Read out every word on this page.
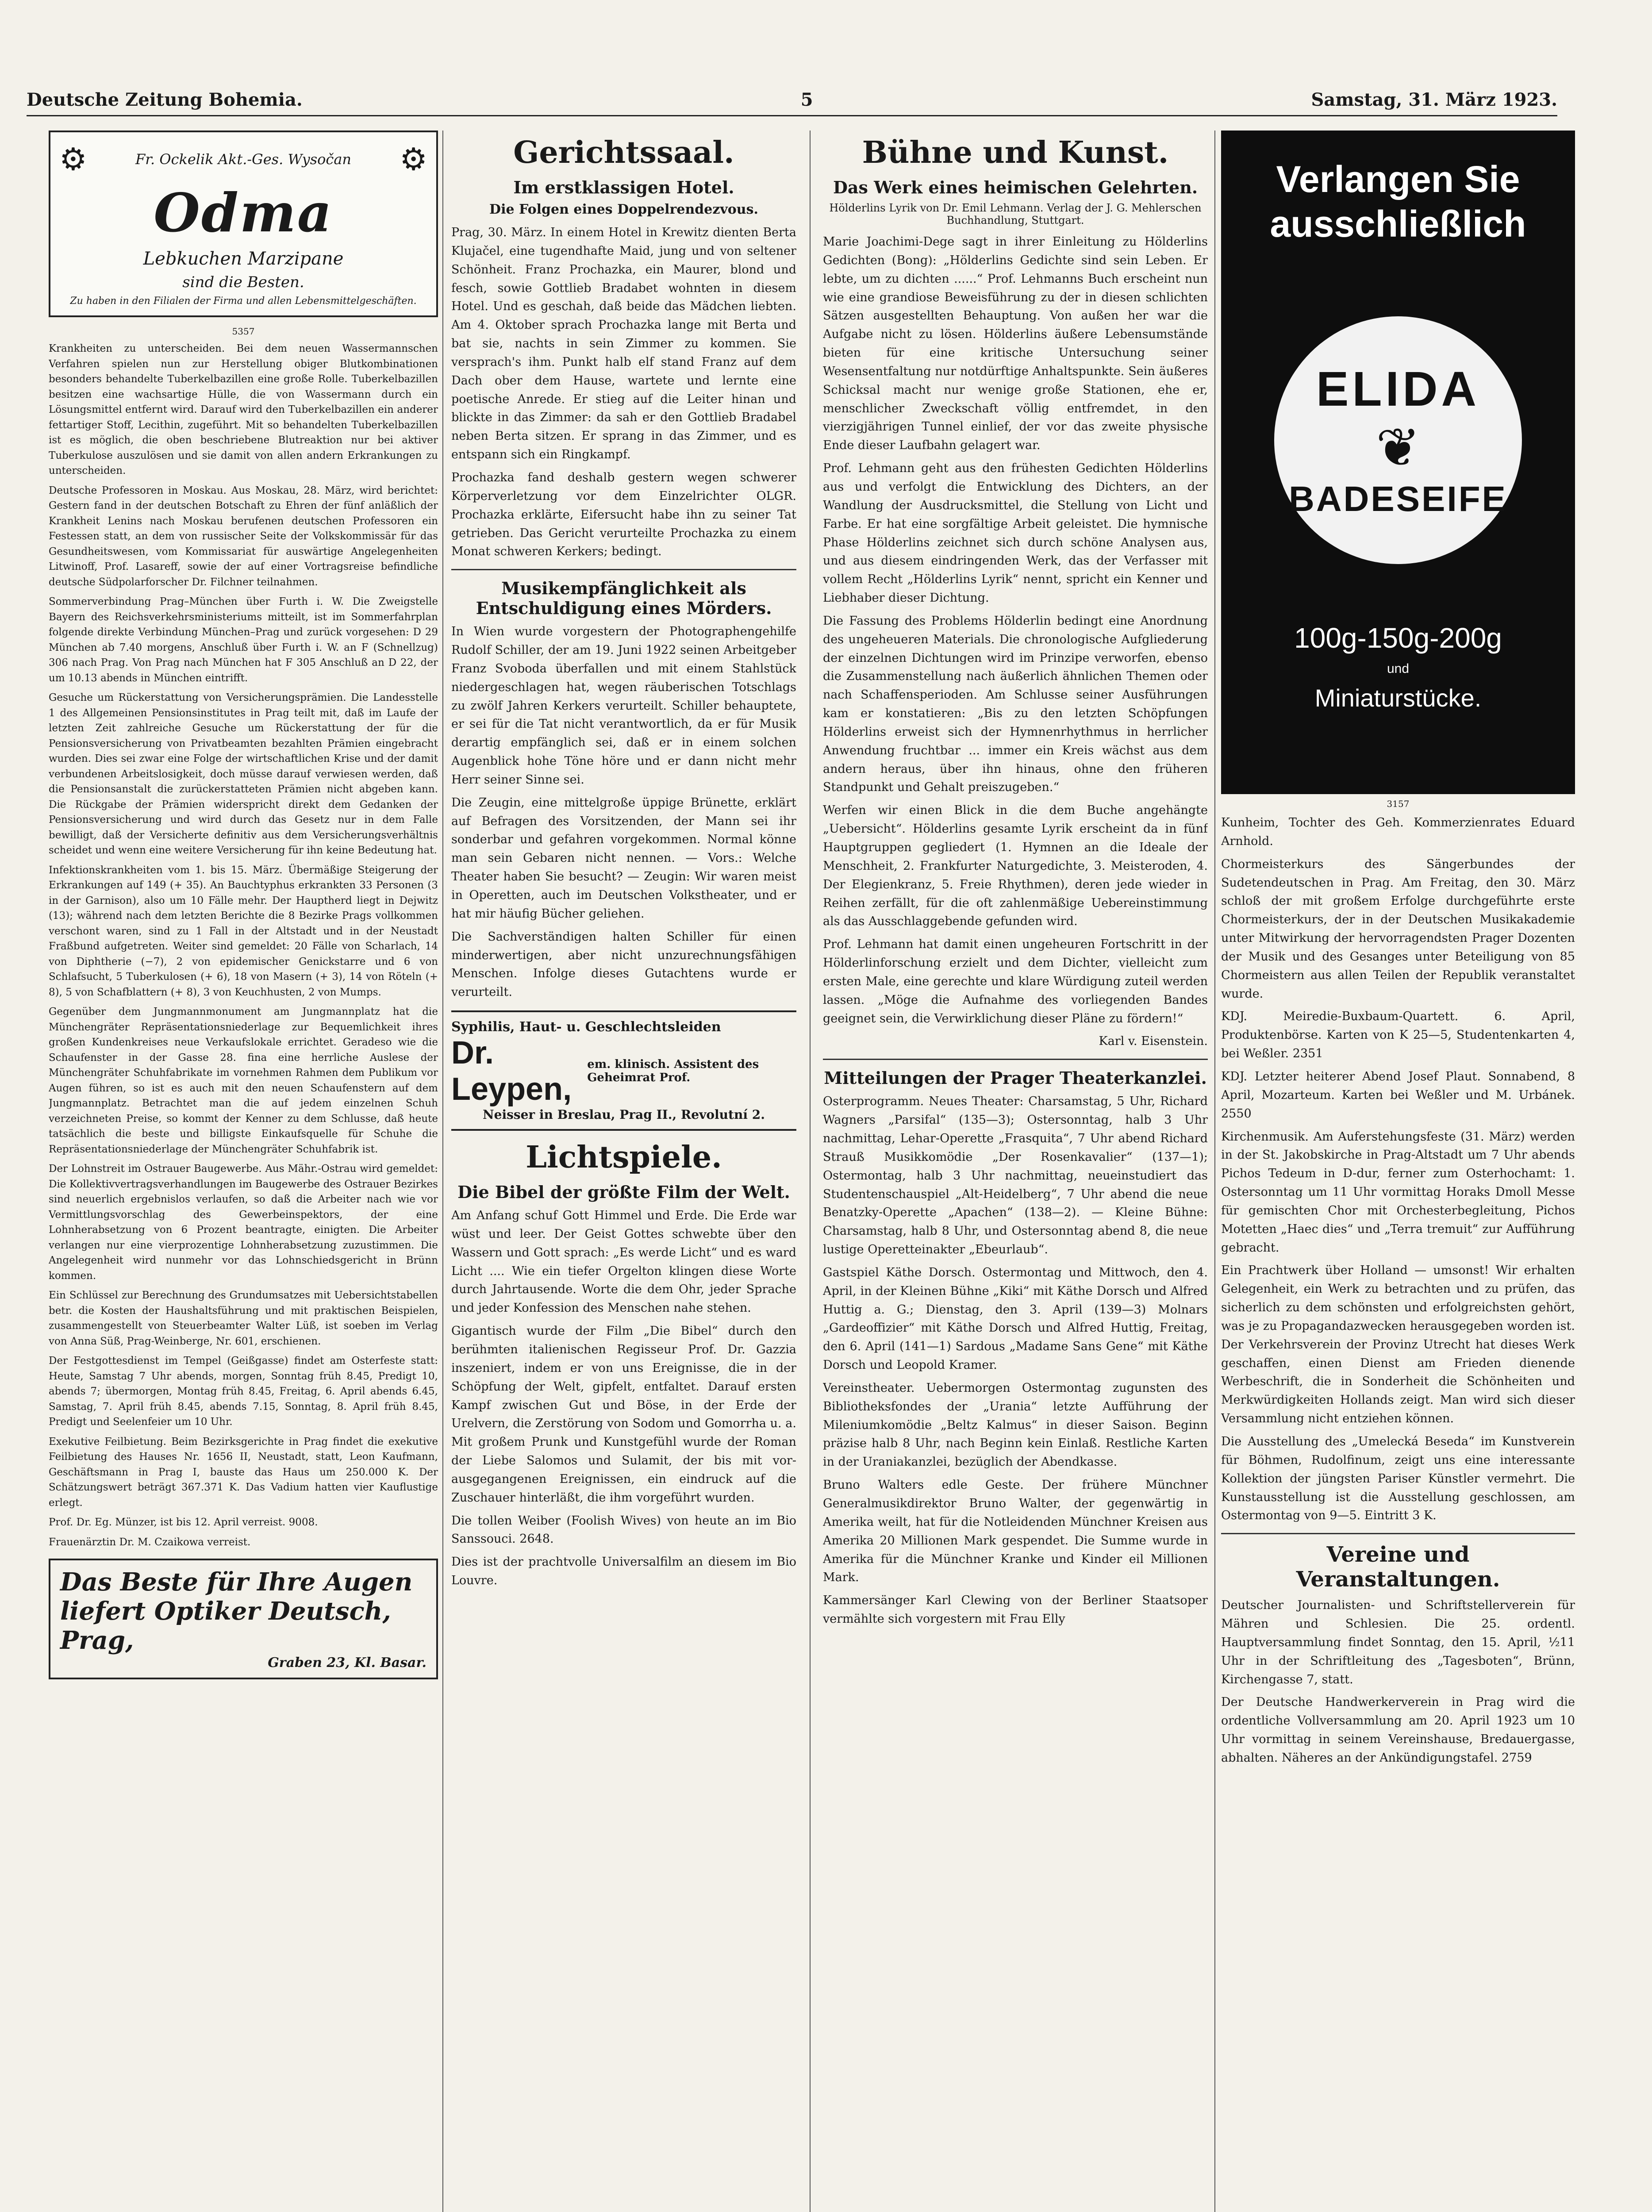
Deutsche Zeitung Bohemia.	5	Samstag, 31. März 1923.
⚙	Fr. Ockelik Akt.-Ges. Wysočan ⚙
Odma
Lebkuchen Marzipane
sind die Besten.
Zu haben in den Filialen der Firma und allen Lebensmittelgeschäften.
5357

Krankheiten zu unterscheiden. Bei dem neuen Wassermannschen Verfahren spielen nun zur Herstellung obiger Blutkombinationen besonders behandelte Tuberkelbazillen eine große Rolle. Tuberkelbazillen besitzen eine wachsartige Hülle, die von Wassermann durch ein Lösungsmittel entfernt wird. Darauf wird den Tuberkelbazillen ein anderer fettartiger Stoff, Lecithin, zugeführt. Mit so behandelten Tuberkelbazillen ist es möglich, die oben beschriebene Blutreaktion nur bei aktiver Tuberkulose auszulösen und sie damit von allen andern Erkrankungen zu unterscheiden.

Deutsche Professoren in Moskau. Aus Moskau, 28. März, wird berichtet: Gestern fand in der deutschen Botschaft zu Ehren der fünf anläßlich der Krankheit Lenins nach Moskau berufenen deutschen Professoren ein Festessen statt, an dem von russischer Seite der Volkskommissär für das Gesundheitswesen, vom Kommissariat für auswärtige Angelegenheiten Litwinoff, Prof. Lasareff, sowie der auf einer Vortragsreise befindliche deutsche Südpolarforscher Dr. Filchner teilnahmen.

Sommerverbindung Prag–München über Furth i. W. Die Zweigstelle Bayern des Reichsverkehrsministeriums mitteilt, ist im Sommerfahrplan folgende direkte Verbindung München–Prag und zurück vorgesehen: D 29 München ab 7.40 morgens, Anschluß über Furth i. W. an F (Schnellzug) 306 nach Prag. Von Prag nach München hat F 305 Anschluß an D 22, der um 10.13 abends in München eintrifft.

Gesuche um Rückerstattung von Versicherungsprämien. Die Landesstelle 1 des Allgemeinen Pensionsinstitutes in Prag teilt mit, daß im Laufe der letzten Zeit zahlreiche Gesuche um Rückerstattung der für die Pensionsversicherung von Privatbeamten bezahlten Prämien eingebracht wurden. Dies sei zwar eine Folge der wirtschaftlichen Krise und der damit verbundenen Arbeitslosigkeit, doch müsse darauf verwiesen werden, daß die Pensionsanstalt die zurückerstatteten Prämien nicht abgeben kann. Die Rückgabe der Prämien widerspricht direkt dem Gedanken der Pensionsversicherung und wird durch das Gesetz nur in dem Falle bewilligt, daß der Versicherte definitiv aus dem Versicherungsverhältnis scheidet und wenn eine weitere Versicherung für ihn keine Bedeutung hat.

Infektionskrankheiten vom 1. bis 15. März. Übermäßige Steigerung der Erkrankungen auf 149 (+ 35). An Bauchtyphus erkrankten 33 Personen (3 in der Garnison), also um 10 Fälle mehr. Der Hauptherd liegt in Dejwitz (13); während nach dem letzten Berichte die 8 Bezirke Prags vollkommen verschont waren, sind zu 1 Fall in der Altstadt und in der Neustadt Fraßbund aufgetreten. Weiter sind gemeldet: 20 Fälle von Scharlach, 14 von Diphtherie (−7), 2 von epidemischer Genickstarre und 6 von Schlafsucht, 5 Tuberkulosen (+ 6), 18 von Masern (+ 3), 14 von Röteln (+ 8), 5 von Schafblattern (+ 8), 3 von Keuchhusten, 2 von Mumps.

Gegenüber dem Jungmannmonument am Jungmannplatz hat die Münchengräter Repräsentationsniederlage zur Bequemlichkeit ihres großen Kundenkreises neue Verkaufslokale errichtet. Geradeso wie die Schaufenster in der Gasse 28. fina eine herrliche Auslese der Münchengräter Schuhfabrikate im vornehmen Rahmen dem Publikum vor Augen führen, so ist es auch mit den neuen Schaufenstern auf dem Jungmannplatz. Betrachtet man die auf jedem einzelnen Schuh verzeichneten Preise, so kommt der Kenner zu dem Schlusse, daß heute tatsächlich die beste und billigste Einkaufsquelle für Schuhe die Repräsentationsniederlage der Münchengräter Schuhfabrik ist.

Der Lohnstreit im Ostrauer Baugewerbe. Aus Mähr.-Ostrau wird gemeldet: Die Kollektivvertragsverhandlungen im Baugewerbe des Ostrauer Bezirkes sind neuerlich ergebnislos verlaufen, so daß die Arbeiter nach wie vor Vermittlungsvorschlag des Gewerbeinspektors, der eine Lohnherabsetzung von 6 Prozent beantragte, einigten. Die Arbeiter verlangen nur eine vierprozentige Lohnherabsetzung zuzustimmen. Die Angelegenheit wird nunmehr vor das Lohnschiedsgericht in Brünn kommen.

Ein Schlüssel zur Berechnung des Grundumsatzes mit Uebersichtstabellen betr. die Kosten der Haushaltsführung und mit praktischen Beispielen, zusammengestellt von Steuerbeamter Walter Lüß, ist soeben im Verlag von Anna Süß, Prag-Weinberge, Nr. 601, erschienen.

Der Festgottesdienst im Tempel (Geißgasse) findet am Osterfeste statt: Heute, Samstag 7 Uhr abends, morgen, Sonntag früh 8.45, Predigt 10, abends 7; übermorgen, Montag früh 8.45, Freitag, 6. April abends 6.45, Samstag, 7. April früh 8.45, abends 7.15, Sonntag, 8. April früh 8.45, Predigt und Seelenfeier um 10 Uhr.

Exekutive Feilbietung. Beim Bezirksgerichte in Prag findet die exekutive Feilbietung des Hauses Nr. 1656 II, Neustadt, statt, Leon Kaufmann, Geschäftsmann in Prag I, bauste das Haus um 250.000 K. Der Schätzungswert beträgt 367.371 K. Das Vadium hatten vier Kauflustige erlegt.

Prof. Dr. Eg. Münzer, ist bis 12. April verreist. 9008.

Frauenärztin Dr. M. Czaikowa verreist.

Das Beste für Ihre Augen
liefert Optiker Deutsch, Prag,
Graben 23, Kl. Basar.
Gerichtssaal.
Im erstklassigen Hotel.
Die Folgen eines Doppelrendezvous.

Prag, 30. März. In einem Hotel in Krewitz dienten Berta Klujačel, eine tugendhafte Maid, jung und von seltener Schönheit. Franz Prochazka, ein Maurer, blond und fesch, sowie Gottlieb Bradabet wohnten in diesem Hotel. Und es geschah, daß beide das Mädchen liebten. Am 4. Oktober sprach Prochazka lange mit Berta und bat sie, nachts in sein Zimmer zu kommen. Sie versprach's ihm. Punkt halb elf stand Franz auf dem Dach ober dem Hause, wartete und lernte eine poetische Anrede. Er stieg auf die Leiter hinan und blickte in das Zimmer: da sah er den Gottlieb Bradabel neben Berta sitzen. Er sprang in das Zimmer, und es entspann sich ein Ringkampf.

Prochazka fand deshalb gestern wegen schwerer Körperverletzung vor dem Einzelrichter OLGR. Prochazka erklärte, Eifersucht habe ihn zu seiner Tat getrieben. Das Gericht verurteilte Prochazka zu einem Monat schweren Kerkers; bedingt.

Musikempfänglichkeit als Entschuldigung eines Mörders.

In Wien wurde vorgestern der Photographengehilfe Rudolf Schiller, der am 19. Juni 1922 seinen Arbeitgeber Franz Svoboda überfallen und mit einem Stahlstück niedergeschlagen hat, wegen räuberischen Totschlags zu zwölf Jahren Kerkers verurteilt. Schiller behauptete, er sei für die Tat nicht verantwortlich, da er für Musik derartig empfänglich sei, daß er in einem solchen Augenblick hohe Töne höre und er dann nicht mehr Herr seiner Sinne sei.

Die Zeugin, eine mittelgroße üppige Brünette, erklärt auf Befragen des Vorsitzenden, der Mann sei ihr sonderbar und gefahren vorgekommen. Normal könne man sein Gebaren nicht nennen. — Vors.: Welche Theater haben Sie besucht? — Zeugin: Wir waren meist in Operetten, auch im Deutschen Volkstheater, und er hat mir häufig Bücher geliehen.

Die Sachverständigen halten Schiller für einen minderwertigen, aber nicht unzurechnungsfähigen Menschen. Infolge dieses Gutachtens wurde er verurteilt.

Syphilis, Haut- u. Geschlechtsleiden
Dr. Leypen,
em. klinisch. Assistent des Geheimrat Prof.
Neisser in Breslau, Prag II., Revolutní 2.
Lichtspiele.
Die Bibel der größte Film der Welt.

Am Anfang schuf Gott Himmel und Erde. Die Erde war wüst und leer. Der Geist Gottes schwebte über den Wassern und Gott sprach: „Es werde Licht“ und es ward Licht .... Wie ein tiefer Orgelton klingen diese Worte durch Jahrtausende. Worte die dem Ohr, jeder Sprache und jeder Konfession des Menschen nahe stehen.

Gigantisch wurde der Film „Die Bibel“ durch den berühmten italienischen Regisseur Prof. Dr. Gazzia inszeniert, indem er von uns Ereignisse, die in der Schöpfung der Welt, gipfelt, entfaltet. Darauf ersten Kampf zwischen Gut und Böse, in der Erde der Urelvern, die Zerstörung von Sodom und Gomorrha u. a. Mit großem Prunk und Kunstgefühl wurde der Roman der Liebe Salomos und Sulamit, der bis mit vor-ausgegangenen Ereignissen, ein eindruck auf die Zuschauer hinterläßt, die ihm vorgeführt wurden.

Die tollen Weiber (Foolish Wives) von heute an im Bio Sanssouci. 2648.

Dies ist der prachtvolle Universalfilm an diesem im Bio Louvre.

Bühne und Kunst.
Das Werk eines heimischen Gelehrten.
Hölderlins Lyrik von Dr. Emil Lehmann. Verlag der J. G. Mehlerschen Buchhandlung, Stuttgart.

Marie Joachimi-Dege sagt in ihrer Einleitung zu Hölderlins Gedichten (Bong): „Hölderlins Gedichte sind sein Leben. Er lebte, um zu dichten ......“ Prof. Lehmanns Buch erscheint nun wie eine grandiose Beweisführung zu der in diesen schlichten Sätzen ausgestellten Behauptung. Von außen her war die Aufgabe nicht zu lösen. Hölderlins äußere Lebensumstände bieten für eine kritische Untersuchung seiner Wesensentfaltung nur notdürftige Anhaltspunkte. Sein äußeres Schicksal macht nur wenige große Stationen, ehe er, menschlicher Zweckschaft völlig entfremdet, in den vierzigjährigen Tunnel einlief, der vor das zweite physische Ende dieser Laufbahn gelagert war.

Prof. Lehmann geht aus den frühesten Gedichten Hölderlins aus und verfolgt die Entwicklung des Dichters, an der Wandlung der Ausdrucksmittel, die Stellung von Licht und Farbe. Er hat eine sorgfältige Arbeit geleistet. Die hymnische Phase Hölderlins zeichnet sich durch schöne Analysen aus, und aus diesem eindringenden Werk, das der Verfasser mit vollem Recht „Hölderlins Lyrik“ nennt, spricht ein Kenner und Liebhaber dieser Dichtung.

Die Fassung des Problems Hölderlin bedingt eine Anordnung des ungeheueren Materials. Die chronologische Aufgliederung der einzelnen Dichtungen wird im Prinzipe verworfen, ebenso die Zusammenstellung nach äußerlich ähnlichen Themen oder nach Schaffensperioden. Am Schlusse seiner Ausführungen kam er konstatieren: „Bis zu den letzten Schöpfungen Hölderlins erweist sich der Hymnenrhythmus in herrlicher Anwendung fruchtbar ... immer ein Kreis wächst aus dem andern heraus, über ihn hinaus, ohne den früheren Standpunkt und Gehalt preiszugeben.“

Werfen wir einen Blick in die dem Buche angehängte „Uebersicht“. Hölderlins gesamte Lyrik erscheint da in fünf Hauptgruppen gegliedert (1. Hymnen an die Ideale der Menschheit, 2. Frankfurter Naturgedichte, 3. Meisteroden, 4. Der Elegienkranz, 5. Freie Rhythmen), deren jede wieder in Reihen zerfällt, für die oft zahlenmäßige Uebereinstimmung als das Ausschlaggebende gefunden wird.

Prof. Lehmann hat damit einen ungeheuren Fortschritt in der Hölderlinforschung erzielt und dem Dichter, vielleicht zum ersten Male, eine gerechte und klare Würdigung zuteil werden lassen. „Möge die Aufnahme des vorliegenden Bandes geeignet sein, die Verwirklichung dieser Pläne zu fördern!“

Karl v. Eisenstein.

Mitteilungen der Prager Theaterkanzlei.

Osterprogramm. Neues Theater: Charsamstag, 5 Uhr, Richard Wagners „Parsifal“ (135—3); Ostersonntag, halb 3 Uhr nachmittag, Lehar-Operette „Frasquita“, 7 Uhr abend Richard Strauß Musikkomödie „Der Rosenkavalier“ (137—1); Ostermontag, halb 3 Uhr nachmittag, neueinstudiert das Studentenschauspiel „Alt-Heidelberg“, 7 Uhr abend die neue Benatzky-Operette „Apachen“ (138—2). — Kleine Bühne: Charsamstag, halb 8 Uhr, und Ostersonntag abend 8, die neue lustige Operetteinakter „Ebeurlaub“.

Gastspiel Käthe Dorsch. Ostermontag und Mittwoch, den 4. April, in der Kleinen Bühne „Kiki“ mit Käthe Dorsch und Alfred Huttig a. G.; Dienstag, den 3. April (139—3) Molnars „Gardeoffizier“ mit Käthe Dorsch und Alfred Huttig, Freitag, den 6. April (141—1) Sardous „Madame Sans Gene“ mit Käthe Dorsch und Leopold Kramer.

Vereinstheater. Uebermorgen Ostermontag zugunsten des Bibliotheksfondes der „Urania“ letzte Aufführung der Mileniumkomödie „Beltz Kalmus“ in dieser Saison. Beginn präzise halb 8 Uhr, nach Beginn kein Einlaß. Restliche Karten in der Uraniakanzlei, bezüglich der Abendkasse.

Bruno Walters edle Geste. Der frühere Münchner Generalmusikdirektor Bruno Walter, der gegenwärtig in Amerika weilt, hat für die Notleidenden Münchner Kreisen aus Amerika 20 Millionen Mark gespendet. Die Summe wurde in Amerika für die Münchner Kranke und Kinder eil Millionen Mark.

Kammersänger Karl Clewing von der Berliner Staatsoper vermählte sich vorgestern mit Frau Elly

Verlangen Sie ausschließlich
ELIDA
❦
BADESEIFE
100g-150g-200g
und
Miniaturstücke.
3157

Kunheim, Tochter des Geh. Kommerzienrates Eduard Arnhold.

Chormeisterkurs des Sängerbundes der Sudetendeutschen in Prag. Am Freitag, den 30. März schloß der mit großem Erfolge durchgeführte erste Chormeisterkurs, der in der Deutschen Musikakademie unter Mitwirkung der hervorragendsten Prager Dozenten der Musik und des Gesanges unter Beteiligung von 85 Chormeistern aus allen Teilen der Republik veranstaltet wurde.

KDJ. Meiredie-Buxbaum-Quartett. 6. April, Produktenbörse. Karten von K 25—5, Studentenkarten 4, bei Weßler. 2351

KDJ. Letzter heiterer Abend Josef Plaut. Sonnabend, 8 April, Mozarteum. Karten bei Weßler und M. Urbánek. 2550

Kirchenmusik. Am Auferstehungsfeste (31. März) werden in der St. Jakobskirche in Prag-Altstadt um 7 Uhr abends Pichos Tedeum in D-dur, ferner zum Osterhochamt: 1. Ostersonntag um 11 Uhr vormittag Horaks Dmoll Messe für gemischten Chor mit Orchesterbegleitung, Pichos Motetten „Haec dies“ und „Terra tremuit“ zur Aufführung gebracht.

Ein Prachtwerk über Holland — umsonst! Wir erhalten Gelegenheit, ein Werk zu betrachten und zu prüfen, das sicherlich zu dem schönsten und erfolgreichsten gehört, was je zu Propagandazwecken herausgegeben worden ist. Der Verkehrsverein der Provinz Utrecht hat dieses Werk geschaffen, einen Dienst am Frieden dienende Werbeschrift, die in Sonderheit die Schönheiten und Merkwürdigkeiten Hollands zeigt. Man wird sich dieser Versammlung nicht entziehen können.

Die Ausstellung des „Umelecká Beseda“ im Kunstverein für Böhmen, Rudolfinum, zeigt uns eine interessante Kollektion der jüngsten Pariser Künstler vermehrt. Die Kunstausstellung ist die Ausstellung geschlossen, am Ostermontag von 9—5. Eintritt 3 K.

Vereine und Veranstaltungen.

Deutscher Journalisten- und Schriftstellerverein für Mähren und Schlesien. Die 25. ordentl. Hauptversammlung findet Sonntag, den 15. April, ½11 Uhr in der Schriftleitung des „Tagesboten“, Brünn, Kirchengasse 7, statt.

Der Deutsche Handwerkerverein in Prag wird die ordentliche Vollversammlung am 20. April 1923 um 10 Uhr vormittag in seinem Vereinshause, Bredauergasse, abhalten. Näheres an der Ankündigungstafel. 2759
